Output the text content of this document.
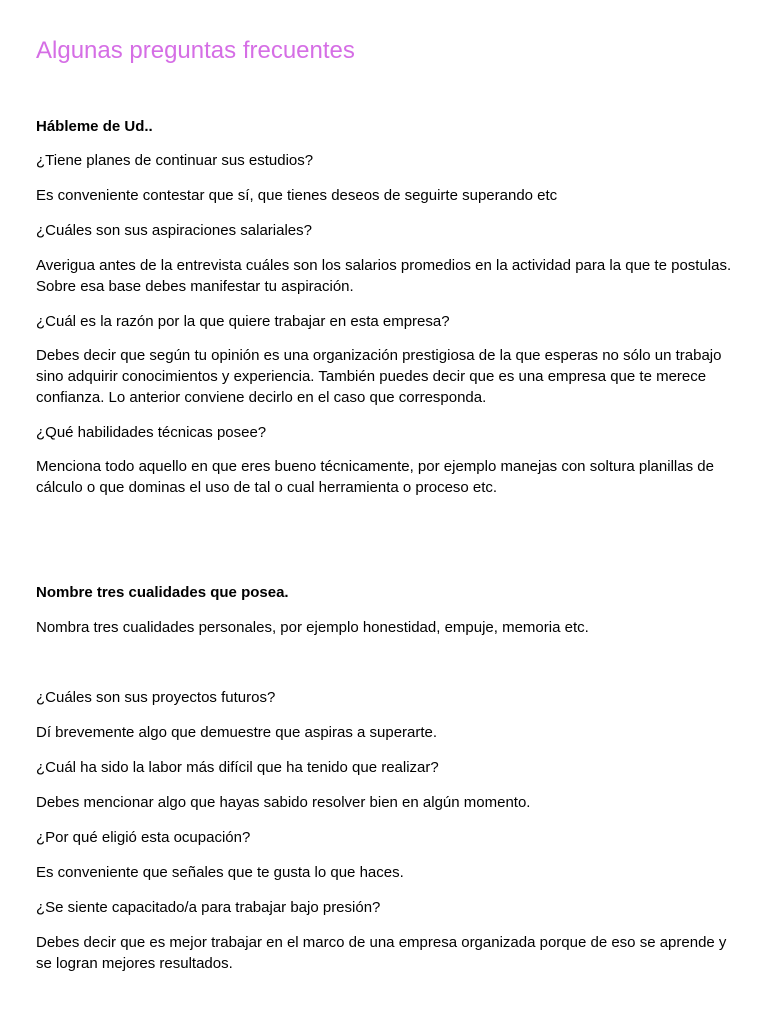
Algunas preguntas frecuentes

Hábleme de Ud..

¿Tiene planes de continuar sus estudios?

Es conveniente contestar que sí, que tienes deseos de seguirte superando etc

¿Cuáles son sus aspiraciones salariales?

Averigua antes de la entrevista cuáles son los salarios promedios en la actividad para la que te postulas. Sobre esa base debes manifestar tu aspiración.

¿Cuál es la razón por la que quiere trabajar en esta empresa?

Debes decir que según tu opinión es una organización prestigiosa de la que esperas no sólo un trabajo sino adquirir conocimientos y experiencia. También puedes decir que es una empresa que te merece confianza. Lo anterior conviene decirlo en el caso que corresponda.

¿Qué habilidades técnicas posee?

Menciona todo aquello en que eres bueno técnicamente, por ejemplo manejas con soltura planillas de cálculo o que dominas el uso de tal o cual herramienta o proceso etc.

Nombre tres cualidades que posea.

Nombra tres cualidades personales, por ejemplo honestidad, empuje, memoria etc.

¿Cuáles son sus proyectos futuros?

Dí brevemente algo que demuestre que aspiras a superarte.

¿Cuál ha sido la labor más difícil que ha tenido que realizar?

Debes mencionar algo que hayas sabido resolver bien en algún momento.

¿Por qué eligió esta ocupación?

Es conveniente que señales que te gusta lo que haces.

¿Se siente capacitado/a para trabajar bajo presión?

Debes decir que es mejor trabajar en el marco de una empresa organizada porque de eso se aprende y se logran mejores resultados.
